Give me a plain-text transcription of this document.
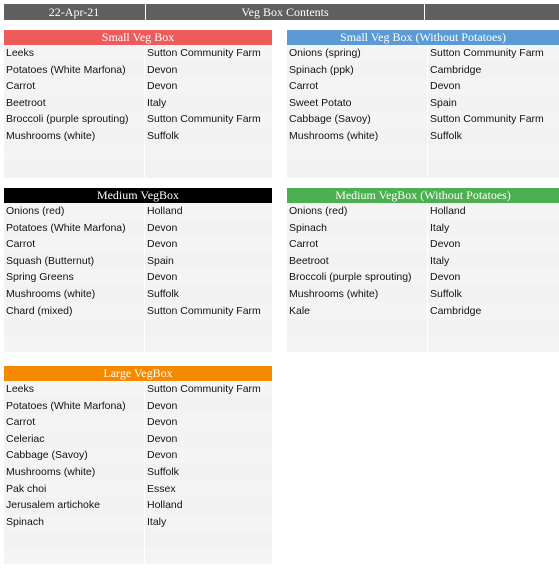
22-Apr-21	Veg Box Contents
Small Veg Box
Leeks	Sutton Community Farm
Potatoes (White Marfona)	Devon
Carrot	Devon
Beetroot	Italy
Broccoli (purple sprouting)	Sutton Community Farm
Mushrooms (white)	Suffolk
Small Veg Box (Without Potatoes)
Onions (spring)	Sutton Community Farm
Spinach (ppk)	Cambridge
Carrot	Devon
Sweet Potato	Spain
Cabbage (Savoy)	Sutton Community Farm
Mushrooms (white)	Suffolk
Medium VegBox
Onions (red)	Holland
Potatoes (White Marfona)	Devon
Carrot	Devon
Squash (Butternut)	Spain
Spring Greens	Devon
Mushrooms (white)	Suffolk
Chard (mixed)	Sutton Community Farm
Medium VegBox (Without Potatoes)
Onions (red)	Holland
Spinach	Italy
Carrot	Devon
Beetroot	Italy
Broccoli (purple sprouting)	Devon
Mushrooms (white)	Suffolk
Kale	Cambridge
Large VegBox
Leeks	Sutton Community Farm
Potatoes (White Marfona)	Devon
Carrot	Devon
Celeriac	Devon
Cabbage (Savoy)	Devon
Mushrooms (white)	Suffolk
Pak choi	Essex
Jerusalem artichoke	Holland
Spinach	Italy
